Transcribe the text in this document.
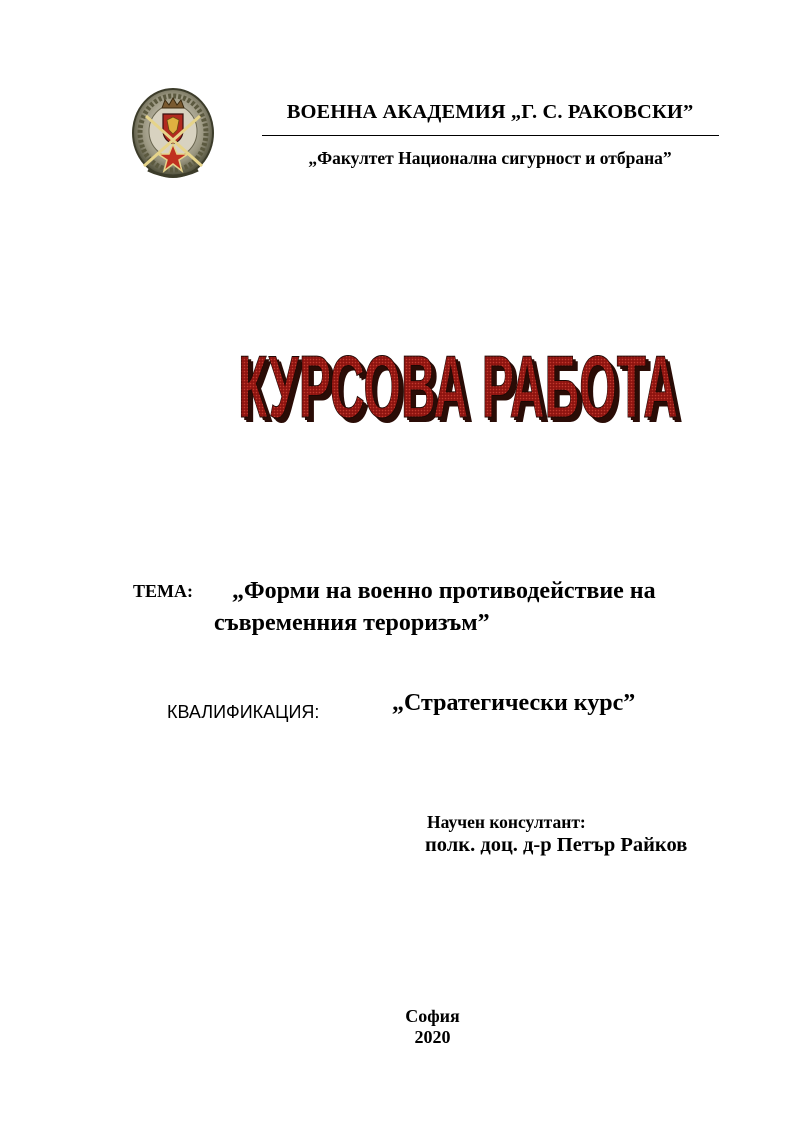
ВОЕННА АКАДЕМИЯ „Г. С. РАКОВСКИ”
„Факултет Национална сигурност и отбрана”
КУРСОВА РАБОТА
КУРСОВА РАБОТА
КУРСОВА РАБОТА
ТЕМА: „Форми на военно противодействие на
съвременния тероризъм”
КВАЛИФИКАЦИЯ:	„Стратегически курс”
Научен консултант:
полк. доц. д-р Петър Райков
София
2020
